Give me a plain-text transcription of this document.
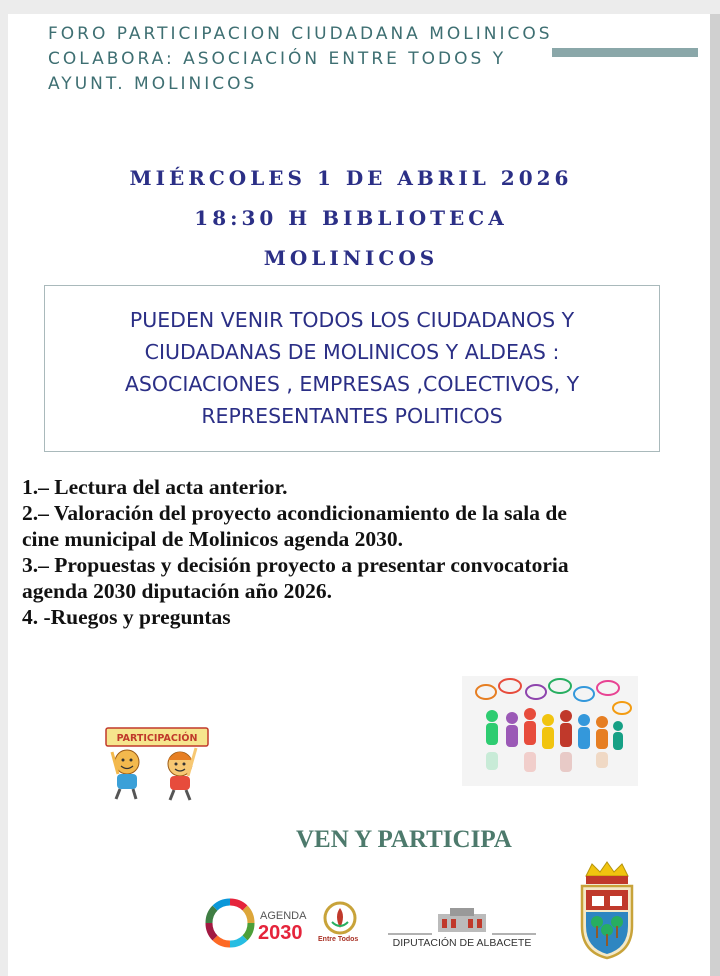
FORO PARTICIPACION CIUDADANA MOLINICOS
COLABORA: ASOCIACIÓN ENTRE TODOS Y
AYUNT. MOLINICOS
MIÉRCOLES 1 DE ABRIL 2026
18:30 H BIBLIOTECA
MOLINICOS
PUEDEN VENIR TODOS LOS CIUDADANOS Y
CIUDADANAS DE MOLINICOS Y ALDEAS :
ASOCIACIONES , EMPRESAS ,COLECTIVOS, Y
REPRESENTANTES POLITICOS
1.– Lectura del acta anterior.
2.– Valoración del proyecto acondicionamiento de la sala de
cine municipal de Molinicos agenda 2030.
3.– Propuestas y decisión proyecto a presentar convocatoria
agenda 2030 diputación año 2026.
4. -Ruegos y preguntas
PARTICIPACIÓN
VEN Y PARTICIPA
AGENDA
2030 Entre Todos	DIPUTACIÓN DE ALBACETE
